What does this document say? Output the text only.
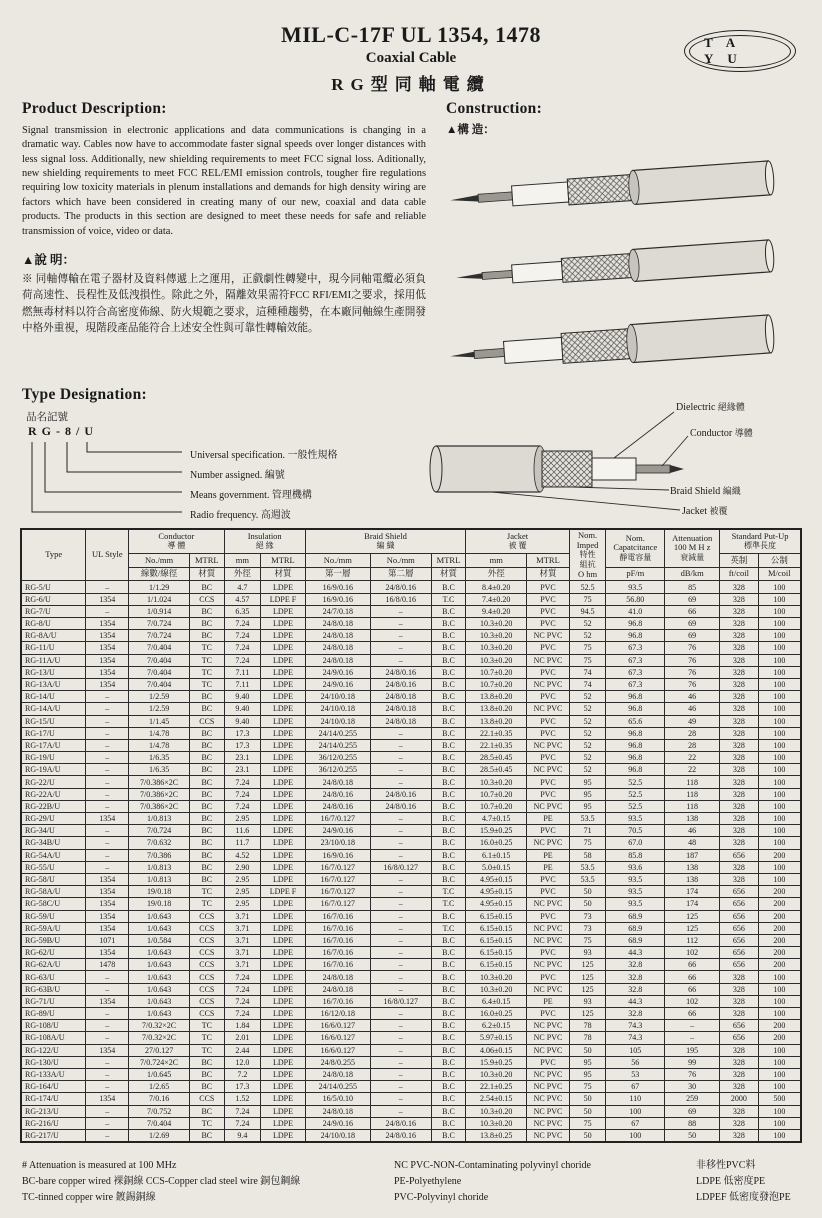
MIL-C-17F UL 1354, 1478
Coaxial Cable
RG型同軸電纜
TA YU
Product Description:
Signal transmission in electronic applications and data communications is changing in a dramatic way. Cables now have to accommodate faster signal speeds over longer distances with less signal loss. Additionally, new shielding requirements to meet FCC signal loss. Aditionally, new shielding requirements to meet FCC REL/EMI emission controls, tougher fire regulations requiring low toxicity materials in plenum installations and demands for high density wiring are factors which have been considered in creating many of our new, coaxial and data cable products. The products in this section are designed to meet these needs for safe and reliable transmission of voice, video or data.
▲說 明：
※ 同軸傳輸在電子器材及資料傳遞上之運用，正戲劇性轉變中，現今同軸電纜必須負荷高速性、長程性及低洩損性。除此之外，隔離效果需符FCC RFI/EMI之要求，採用低燃無毒材料以符合高密度佈線、防火規範之要求，這種種趨勢，在本廠同軸線生產開發中格外重視，現階段產品能符合上述安全性與可靠性轉輸效能。
Construction:
▲構 造：
Type Designation:
品名記號
RG-8/U
Universal specification. 一般性規格
Number assigned. 編號
Means government. 管理機構
Radio frequency. 高週波
Dielectric 絕緣體
Conductor 導體
Braid Shield 編織
Jacket 被覆
Type	UL Style	Conductor
導 體		Insulation
絕 緣		Braid Shield
編 織			Jacket
被 覆		Nom.
Imped
特性
組抗
O hm	Nom.
Capatcitance
靜電容量	Attenuation
100 M H z
衰減量	Standard Put-Up
標準長度	
		No./mm	MTRL	mm	MTRL	No./mm	No./mm	MTRL	mm	MTRL				英制	公制
		線數/線徑	材質	外徑	材質	第一層	第二層	材質	外徑	材質		pF/m	dB/km	ft/coil	M/coil
RG-5/U	–	1/1.29	BC	4.7	LDPE	16/9/0.16	24/8/0.16	B.C	8.4±0.20	PVC	52.5	93.5	85	328	100
RG-6/U	1354	1/1.024	CCS	4.57	LDPE F	16/9/0.16	16/8/0.16	T.C	7.4±0.20	PVC	75	56.80	69	328	100
RG-7/U	–	1/0.914	BC	6.35	LDPE	24/7/0.18	–	B.C	9.4±0.20	PVC	94.5	41.0	66	328	100
RG-8/U	1354	7/0.724	BC	7.24	LDPE	24/8/0.18	–	B.C	10.3±0.20	PVC	52	96.8	69	328	100
RG-8A/U	1354	7/0.724	BC	7.24	LDPE	24/8/0.18	–	B.C	10.3±0.20	NC PVC	52	96.8	69	328	100
RG-11/U	1354	7/0.404	TC	7.24	LDPE	24/8/0.18	–	B.C	10.3±0.20	PVC	75	67.3	76	328	100
RG-11A/U	1354	7/0.404	TC	7.24	LDPE	24/8/0.18	–	B.C	10.3±0.20	NC PVC	75	67.3	76	328	100
RG-13/U	1354	7/0.404	TC	7.11	LDPE	24/9/0.16	24/8/0.16	B.C	10.7±0.20	PVC	74	67.3	76	328	100
RG-13A/U	1354	7/0.404	TC	7.11	LDPE	24/9/0.16	24/8/0.16	B.C	10.7±0.20	NC PVC	74	67.3	76	328	100
RG-14/U	–	1/2.59	BC	9.40	LDPE	24/10/0.18	24/8/0.18	B.C	13.8±0.20	PVC	52	96.8	46	328	100
RG-14A/U	–	1/2.59	BC	9.40	LDPE	24/10/0.18	24/8/0.18	B.C	13.8±0.20	NC PVC	52	96.8	46	328	100
RG-15/U	–	1/1.45	CCS	9.40	LDPE	24/10/0.18	24/8/0.18	B.C	13.8±0.20	PVC	52	65.6	49	328	100
RG-17/U	–	1/4.78	BC	17.3	LDPE	24/14/0.255	–	B.C	22.1±0.35	PVC	52	96.8	28	328	100
RG-17A/U	–	1/4.78	BC	17.3	LDPE	24/14/0.255	–	B.C	22.1±0.35	NC PVC	52	96.8	28	328	100
RG-19/U	–	1/6.35	BC	23.1	LDPE	36/12/0.255	–	B.C	28.5±0.45	PVC	52	96.8	22	328	100
RG-19A/U	–	1/6.35	BC	23.1	LDPE	36/12/0.255	–	B.C	28.5±0.45	NC PVC	52	96.8	22	328	100
RG-22/U	–	7/0.386×2C	BC	7.24	LDPE	24/8/0.18	–	B.C	10.3±0.20	PVC	95	52.5	118	328	100
RG-22A/U	–	7/0.386×2C	BC	7.24	LDPE	24/8/0.16	24/8/0.16	B.C	10.7±0.20	PVC	95	52.5	118	328	100
RG-22B/U	–	7/0.386×2C	BC	7.24	LDPE	24/8/0.16	24/8/0.16	B.C	10.7±0.20	NC PVC	95	52.5	118	328	100
RG-29/U	1354	1/0.813	BC	2.95	LDPE	16/7/0.127	–	B.C	4.7±0.15	PE	53.5	93.5	138	328	100
RG-34/U	–	7/0.724	BC	11.6	LDPE	24/9/0.16	–	B.C	15.9±0.25	PVC	71	70.5	46	328	100
RG-34B/U	–	7/0.632	BC	11.7	LDPE	23/10/0.18	–	B.C	16.0±0.25	NC PVC	75	67.0	48	328	100
RG-54A/U	–	7/0.386	BC	4.52	LDPE	16/9/0.16	–	B.C	6.1±0.15	PE	58	85.8	187	656	200
RG-55/U	–	1/0.813	BC	2.90	LDPE	16/7/0.127	16/8/0.127	B.C	5.0±0.15	PE	53.5	93.6	138	328	100
RG-58/U	1354	1/0.813	BC	2.95	LDPE	16/7/0.127	–	B.C	4.95±0.15	PVC	53.5	93.5	138	328	100
RG-58A/U	1354	19/0.18	TC	2.95	LDPE F	16/7/0.127	–	T.C	4.95±0.15	PVC	50	93.5	174	656	200
RG-58C/U	1354	19/0.18	TC	2.95	LDPE	16/7/0.127	–	T.C	4.95±0.15	NC PVC	50	93.5	174	656	200
RG-59/U	1354	1/0.643	CCS	3.71	LDPE	16/7/0.16	–	B.C	6.15±0.15	PVC	73	68.9	125	656	200
RG-59A/U	1354	1/0.643	CCS	3.71	LDPE	16/7/0.16	–	T.C	6.15±0.15	NC PVC	73	68.9	125	656	200
RG-59B/U	1071	1/0.584	CCS	3.71	LDPE	16/7/0.16	–	B.C	6.15±0.15	NC PVC	75	68.9	112	656	200
RG-62/U	1354	1/0.643	CCS	3.71	LDPE	16/7/0.16	–	B.C	6.15±0.15	PVC	93	44.3	102	656	200
RG-62A/U	1478	1/0.643	CCS	3.71	LDPE	16/7/0.16	–	B.C	6.15±0.15	NC PVC	125	32.8	66	656	200
RG-63/U	–	1/0.643	CCS	7.24	LDPE	24/8/0.18	–	B.C	10.3±0.20	PVC	125	32.8	66	328	100
RG-63B/U	–	1/0.643	CCS	7.24	LDPE	24/8/0.18	–	B.C	10.3±0.20	NC PVC	125	32.8	66	328	100
RG-71/U	1354	1/0.643	CCS	7.24	LDPE	16/7/0.16	16/8/0.127	B.C	6.4±0.15	PE	93	44.3	102	328	100
RG-89/U	–	1/0.643	CCS	7.24	LDPE	16/12/0.18	–	B.C	16.0±0.25	PVC	125	32.8	66	328	100
RG-108/U	–	7/0.32×2C	TC	1.84	LDPE	16/6/0.127	–	B.C	6.2±0.15	NC PVC	78	74.3	–	656	200
RG-108A/U	–	7/0.32×2C	TC	2.01	LDPE	16/6/0.127	–	B.C	5.97±0.15	NC PVC	78	74.3	–	656	200
RG-122/U	1354	27/0.127	TC	2.44	LDPE	16/6/0.127	–	B.C	4.06±0.15	NC PVC	50	105	195	328	100
RG-130/U	–	7/0.724×2C	BC	12.0	LDPE	24/8/0.255	–	B.C	15.9±0.25	PVC	95	56	99	328	100
RG-133A/U	–	1/0.645	BC	7.2	LDPE	24/8/0.18	–	B.C	10.3±0.20	NC PVC	95	53	76	328	100
RG-164/U	–	1/2.65	BC	17.3	LDPE	24/14/0.255	–	B.C	22.1±0.25	NC PVC	75	67	30	328	100
RG-174/U	1354	7/0.16	CCS	1.52	LDPE	16/5/0.10	–	B.C	2.54±0.15	NC PVC	50	110	259	2000	500
RG-213/U	–	7/0.752	BC	7.24	LDPE	24/8/0.18	–	B.C	10.3±0.20	NC PVC	50	100	69	328	100
RG-216/U	–	7/0.404	TC	7.24	LDPE	24/9/0.16	24/8/0.16	B.C	10.3±0.20	NC PVC	75	67	88	328	100
RG-217/U	–	1/2.69	BC	9.4	LDPE	24/10/0.18	24/8/0.16	B.C	13.8±0.25	NC PVC	50	100	50	328	100
# Attenuation is measured at 100 MHz	NC PVC-NON-Contaminating polyvinyl choride	非移性PVC料
BC-bare copper wired 裸銅線 CCS-Copper clad steel wire 銅包鋼線	PE-Polyethylene	LDPE 低密度PE
TC-tinned copper wire 鍍錫銅線	PVC-Polyvinyl choride	LDPEF 低密度發泡PE
